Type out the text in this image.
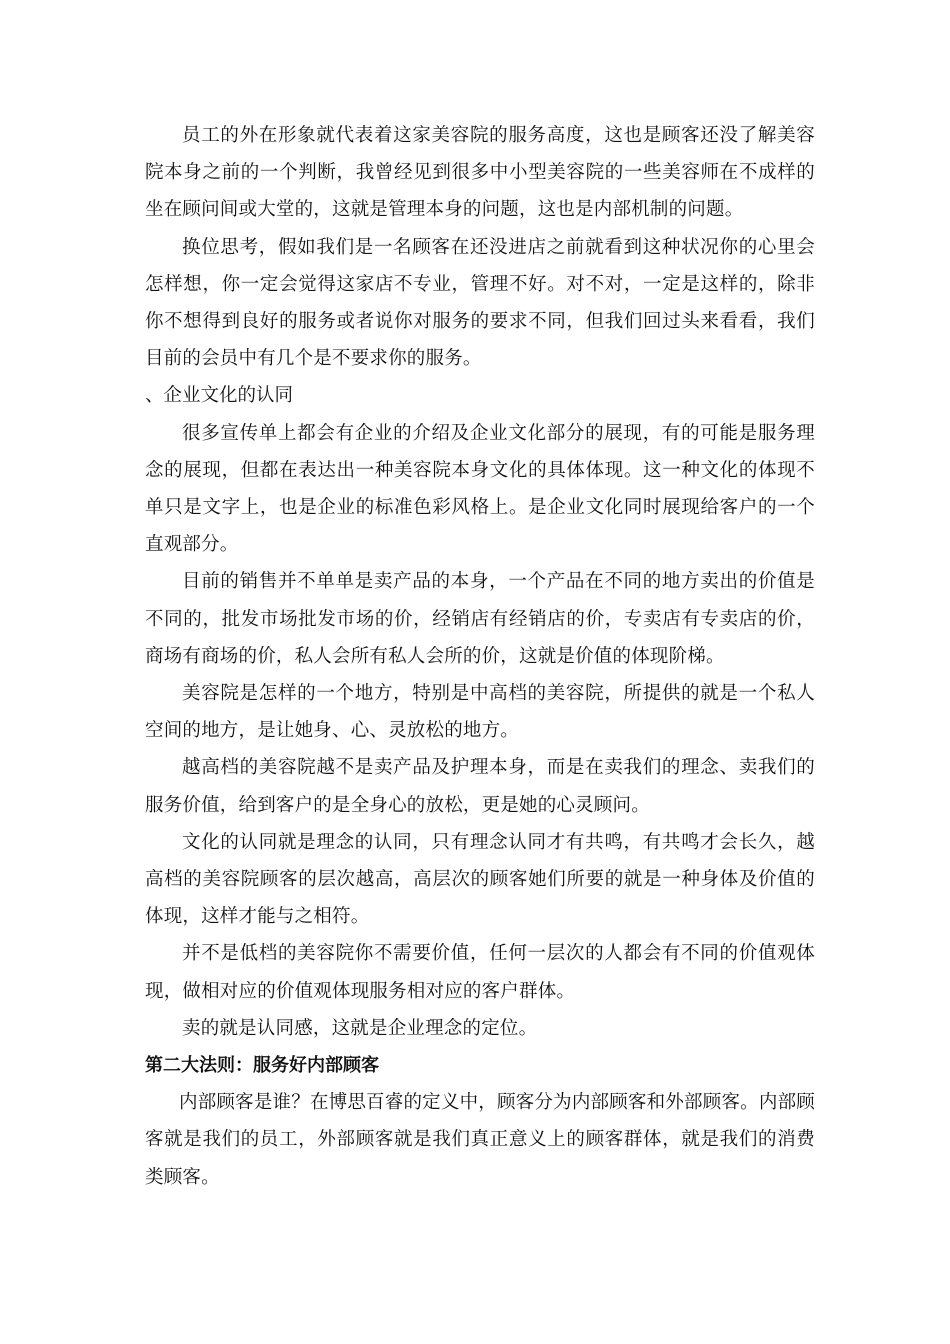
员工的外在形象就代表着这家美容院的服务高度，这也是顾客还没了解美容院本身之前的一个判断，我曾经见到很多中小型美容院的一些美容师在不成样的坐在顾问间或大堂的，这就是管理本身的问题，这也是内部机制的问题。

换位思考，假如我们是一名顾客在还没进店之前就看到这种状况你的心里会怎样想，你一定会觉得这家店不专业，管理不好。对不对，一定是这样的，除非你不想得到良好的服务或者说你对服务的要求不同，但我们回过头来看看，我们目前的会员中有几个是不要求你的服务。

、企业文化的认同

很多宣传单上都会有企业的介绍及企业文化部分的展现，有的可能是服务理念的展现，但都在表达出一种美容院本身文化的具体体现。这一种文化的体现不单只是文字上，也是企业的标准色彩风格上。是企业文化同时展现给客户的一个直观部分。

目前的销售并不单单是卖产品的本身，一个产品在不同的地方卖出的价值是不同的，批发市场批发市场的价，经销店有经销店的价，专卖店有专卖店的价，商场有商场的价，私人会所有私人会所的价，这就是价值的体现阶梯。

美容院是怎样的一个地方，特别是中高档的美容院，所提供的就是一个私人空间的地方，是让她身、心、灵放松的地方。

越高档的美容院越不是卖产品及护理本身，而是在卖我们的理念、卖我们的服务价值，给到客户的是全身心的放松，更是她的心灵顾问。

文化的认同就是理念的认同，只有理念认同才有共鸣，有共鸣才会长久，越高档的美容院顾客的层次越高，高层次的顾客她们所要的就是一种身体及价值的体现，这样才能与之相符。

并不是低档的美容院你不需要价值，任何一层次的人都会有不同的价值观体现，做相对应的价值观体现服务相对应的客户群体。

卖的就是认同感，这就是企业理念的定位。

第二大法则：服务好内部顾客

内部顾客是谁？在博思百睿的定义中，顾客分为内部顾客和外部顾客。内部顾客就是我们的员工，外部顾客就是我们真正意义上的顾客群体，就是我们的消费类顾客。
